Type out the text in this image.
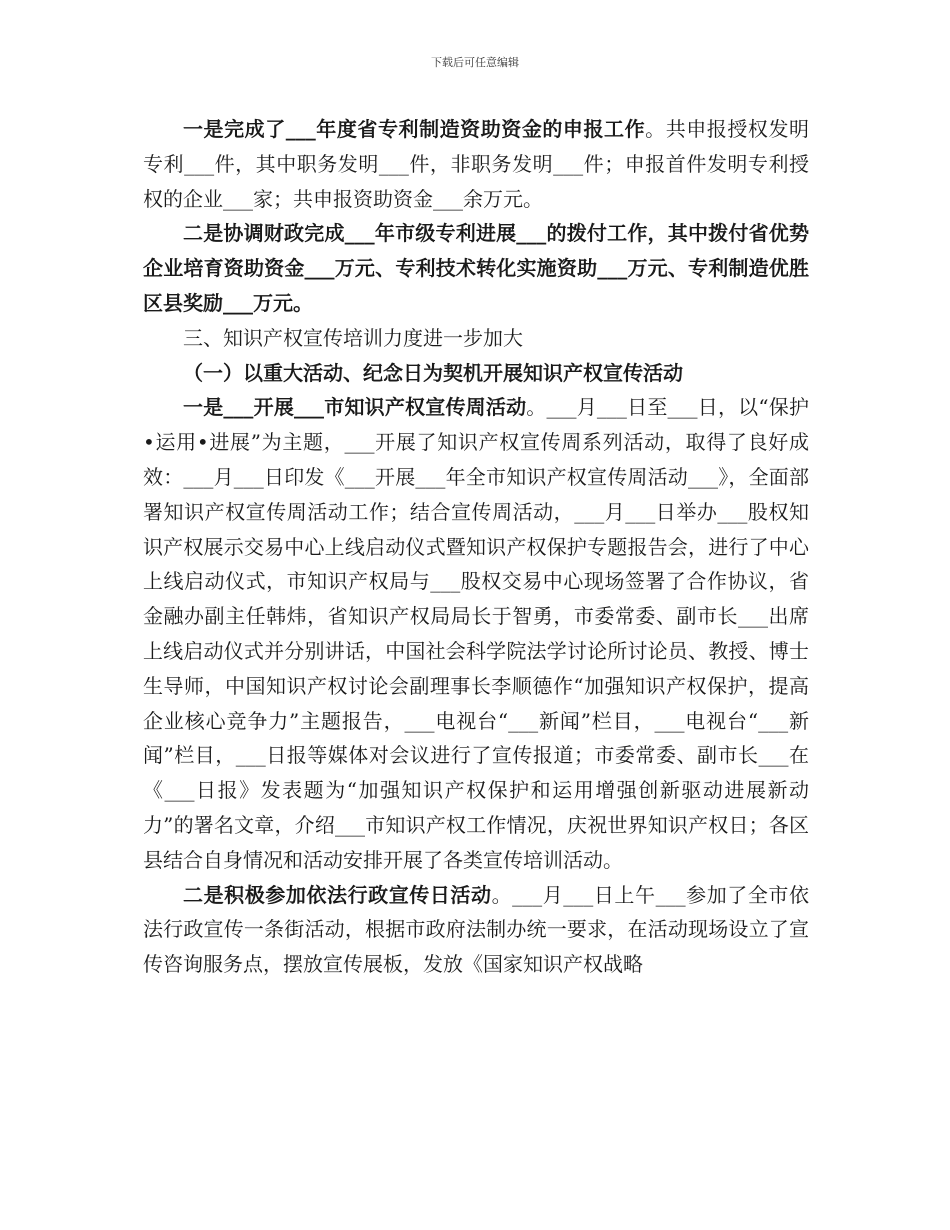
下载后可任意编辑

一是完成了___年度省专利制造资助资金的申报工作。共申报授权发明专利___件，其中职务发明___件，非职务发明___件；申报首件发明专利授权的企业___家；共申报资助资金___余万元。

二是协调财政完成___年市级专利进展___的拨付工作，其中拨付省优势企业培育资助资金___万元、专利技术转化实施资助___万元、专利制造优胜区县奖励___万元。

三、知识产权宣传培训力度进一步加大

（一）以重大活动、纪念日为契机开展知识产权宣传活动

一是___开展___市知识产权宣传周活动。___月___日至___日，以“保护•运用•进展”为主题，___开展了知识产权宣传周系列活动，取得了良好成效：___月___日印发《___开展___年全市知识产权宣传周活动___》，全面部署知识产权宣传周活动工作；结合宣传周活动，___月___日举办___股权知识产权展示交易中心上线启动仪式暨知识产权保护专题报告会，进行了中心上线启动仪式，市知识产权局与___股权交易中心现场签署了合作协议，省金融办副主任韩炜，省知识产权局局长于智勇，市委常委、副市长___出席上线启动仪式并分别讲话，中国社会科学院法学讨论所讨论员、教授、博士生导师，中国知识产权讨论会副理事长李顺德作“加强知识产权保护，提高企业核心竞争力”主题报告，___电视台“___新闻”栏目，___电视台“___新闻”栏目，___日报等媒体对会议进行了宣传报道；市委常委、副市长___在《___日报》发表题为“加强知识产权保护和运用增强创新驱动进展新动力”的署名文章，介绍___市知识产权工作情况，庆祝世界知识产权日；各区县结合自身情况和活动安排开展了各类宣传培训活动。

二是积极参加依法行政宣传日活动。___月___日上午___参加了全市依法行政宣传一条街活动，根据市政府法制办统一要求，在活动现场设立了宣传咨询服务点，摆放宣传展板，发放《国家知识产权战略
